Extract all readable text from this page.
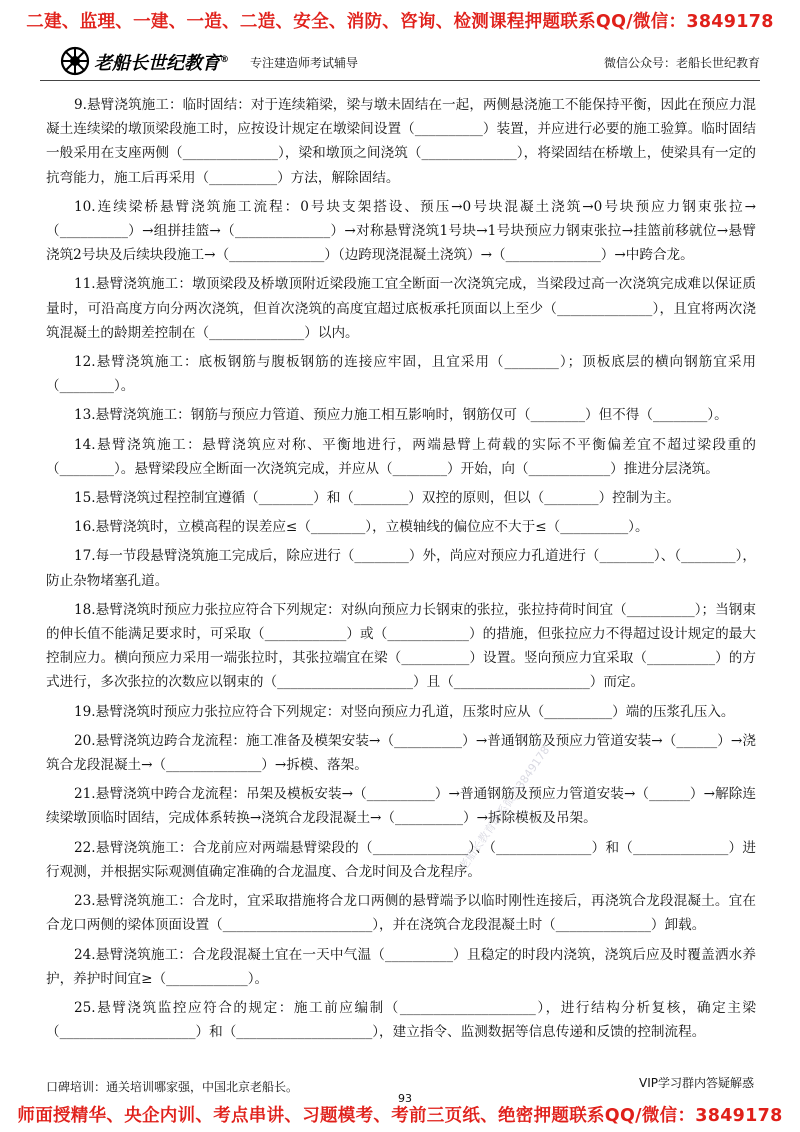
二建、监理、一建、一造、二造、安全、消防、咨询、检测课程押题联系QQ/微信：3849178
老船长世纪教育® 专注建造师考试辅导	微信公众号：老船长世纪教育

9.悬臂浇筑施工：临时固结：对于连续箱梁，梁与墩未固结在一起，两侧悬浇施工不能保持平衡，因此在预应力混凝土连续梁的墩顶梁段施工时，应按设计规定在墩梁间设置（__________）装置，并应进行必要的施工验算。临时固结一般采用在支座两侧（______________），梁和墩顶之间浇筑（______________），将梁固结在桥墩上，使梁具有一定的抗弯能力，施工后再采用（__________）方法，解除固结。

10.连续梁桥悬臂浇筑施工流程：0号块支架搭设、预压→0号块混凝土浇筑→0号块预应力钢束张拉→（__________）→组拼挂篮→（______________）→对称悬臂浇筑1号块→1号块预应力钢束张拉→挂篮前移就位→悬臂浇筑2号块及后续块段施工→（______________）（边跨现浇混凝土浇筑）→（______________）→中跨合龙。

11.悬臂浇筑施工：墩顶梁段及桥墩顶附近梁段施工宜全断面一次浇筑完成，当梁段过高一次浇筑完成难以保证质量时，可沿高度方向分两次浇筑，但首次浇筑的高度宜超过底板承托顶面以上至少（______________），且宜将两次浇筑混凝土的龄期差控制在（______________）以内。

12.悬臂浇筑施工：底板钢筋与腹板钢筋的连接应牢固，且宜采用（________）；顶板底层的横向钢筋宜采用（________）。

13.悬臂浇筑施工：钢筋与预应力管道、预应力施工相互影响时，钢筋仅可（________）但不得（________）。

14.悬臂浇筑施工：悬臂浇筑应对称、平衡地进行，两端悬臂上荷载的实际不平衡偏差宜不超过梁段重的（________）。悬臂梁段应全断面一次浇筑完成，并应从（________）开始，向（____________）推进分层浇筑。

15.悬臂浇筑过程控制宜遵循（________）和（________）双控的原则，但以（________）控制为主。

16.悬臂浇筑时，立模高程的误差应≤（________），立模轴线的偏位应不大于≤（__________）。

17.每一节段悬臂浇筑施工完成后，除应进行（________）外，尚应对预应力孔道进行（________）、（________），防止杂物堵塞孔道。

18.悬臂浇筑时预应力张拉应符合下列规定：对纵向预应力长钢束的张拉，张拉持荷时间宜（__________）；当钢束的伸长值不能满足要求时，可采取（____________）或（____________）的措施，但张拉应力不得超过设计规定的最大控制应力。横向预应力采用一端张拉时，其张拉端宜在梁（__________）设置。竖向预应力宜采取（__________）的方式进行，多次张拉的次数应以钢束的（____________________）且（____________________）而定。

19.悬臂浇筑时预应力张拉应符合下列规定：对竖向预应力孔道，压浆时应从（__________）端的压浆孔压入。

20.悬臂浇筑边跨合龙流程：施工准备及模架安装→（__________）→普通钢筋及预应力管道安装→（______）→浇筑合龙段混凝土→（______________）→拆模、落架。

21.悬臂浇筑中跨合龙流程：吊架及模板安装→（__________）→普通钢筋及预应力管道安装→（______）→解除连续梁墩顶临时固结，完成体系转换→浇筑合龙段混凝土→（__________）→拆除模板及吊架。

22.悬臂浇筑施工：合龙前应对两端悬臂梁段的（______________）、（______________）和（______________）进行观测，并根据实际观测值确定准确的合龙温度、合龙时间及合龙程序。

23.悬臂浇筑施工：合龙时，宜采取措施将合龙口两侧的悬臂端予以临时刚性连接后，再浇筑合龙段混凝土。宜在合龙口两侧的梁体顶面设置（______________________），并在浇筑合龙段混凝土时（______________）卸载。

24.悬臂浇筑施工：合龙段混凝土宜在一天中气温（__________）且稳定的时段内浇筑，浇筑后应及时覆盖洒水养护，养护时间宜≥（____________）。

25.悬臂浇筑监控应符合的规定：施工前应编制（____________________），进行结构分析复核，确定主梁（____________________）和（____________________），建立指令、监测数据等信息传递和反馈的控制流程。

老船长教育联系微信3849178
口碑培训：通关培训哪家强，中国北京老船长。	VIP学习群内答疑解惑
93
师面授精华、央企内训、考点串讲、习题模考、考前三页纸、绝密押题联系QQ/微信：3849178
